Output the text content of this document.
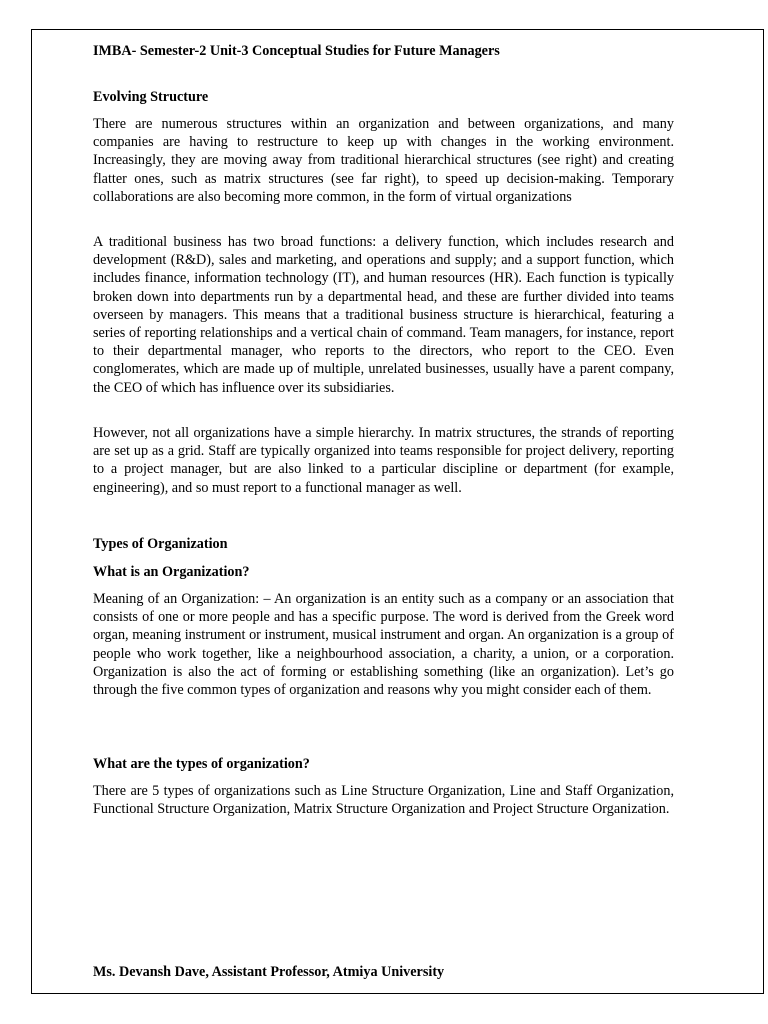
IMBA- Semester-2 Unit-3 Conceptual Studies for Future Managers
Evolving Structure

There are numerous structures within an organization and between organizations, and many companies are having to restructure to keep up with changes in the working environment. Increasingly, they are moving away from traditional hierarchical structures (see right) and creating flatter ones, such as matrix structures (see far right), to speed up decision-making. Temporary collaborations are also becoming more common, in the form of virtual organizations

A traditional business has two broad functions: a delivery function, which includes research and development (R&D), sales and marketing, and operations and supply; and a support function, which includes finance, information technology (IT), and human resources (HR). Each function is typically broken down into departments run by a departmental head, and these are further divided into teams overseen by managers. This means that a traditional business structure is hierarchical, featuring a series of reporting relationships and a vertical chain of command. Team managers, for instance, report to their departmental manager, who reports to the directors, who report to the CEO. Even conglomerates, which are made up of multiple, unrelated businesses, usually have a parent company, the CEO of which has influence over its subsidiaries.

However, not all organizations have a simple hierarchy. In matrix structures, the strands of reporting are set up as a grid. Staff are typically organized into teams responsible for project delivery, reporting to a project manager, but are also linked to a particular discipline or department (for example, engineering), and so must report to a functional manager as well.

Types of Organization
What is an Organization?

Meaning of an Organization: – An organization is an entity such as a company or an association that consists of one or more people and has a specific purpose. The word is derived from the Greek word organ, meaning instrument or instrument, musical instrument and organ. An organization is a group of people who work together, like a neighbourhood association, a charity, a union, or a corporation. Organization is also the act of forming or establishing something (like an organization). Let’s go through the five common types of organization and reasons why you might consider each of them.

What are the types of organization?

There are 5 types of organizations such as Line Structure Organization, Line and Staff Organization, Functional Structure Organization, Matrix Structure Organization and Project Structure Organization.

Ms. Devansh Dave, Assistant Professor, Atmiya University
